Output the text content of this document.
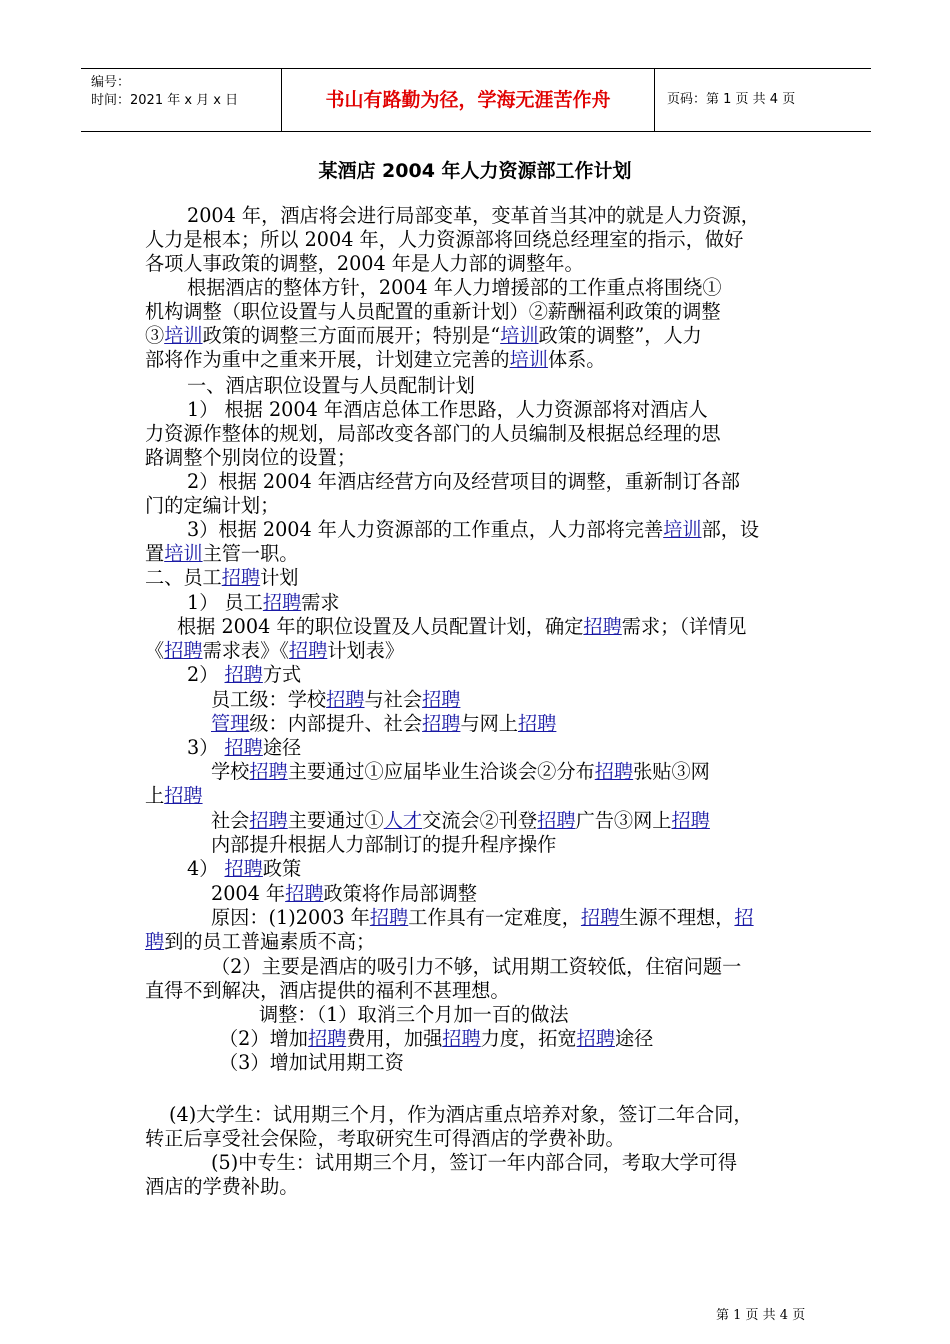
编号：
时间：2021 年 x 月 x 日	书山有路勤为径，学海无涯苦作舟	页码：第 1 页 共 4 页
某酒店 2004 年人力资源部工作计划
2004 年，酒店将会进行局部变革，变革首当其冲的就是人力资源，
人力是根本；所以 2004 年，人力资源部将回绕总经理室的指示，做好
各项人事政策的调整，2004 年是人力部的调整年。
根据酒店的整体方针，2004 年人力增援部的工作重点将围绕①
机构调整（职位设置与人员配置的重新计划）②薪酬福利政策的调整
③培训政策的调整三方面而展开；特别是“培训政策的调整”，人力
部将作为重中之重来开展，计划建立完善的培训体系。
一、酒店职位设置与人员配制计划
1） 根据 2004 年酒店总体工作思路，人力资源部将对酒店人
力资源作整体的规划，局部改变各部门的人员编制及根据总经理的思
路调整个别岗位的设置；
2）根据 2004 年酒店经营方向及经营项目的调整，重新制订各部
门的定编计划；
3）根据 2004 年人力资源部的工作重点，人力部将完善培训部，设
置培训主管一职。
二、员工招聘计划
1） 员工招聘需求
根据 2004 年的职位设置及人员配置计划，确定招聘需求；（详情见
《招聘需求表》《招聘计划表》
2） 招聘方式
员工级：学校招聘与社会招聘
管理级：内部提升、社会招聘与网上招聘
3） 招聘途径
学校招聘主要通过①应届毕业生洽谈会②分布招聘张贴③网
上招聘
社会招聘主要通过①人才交流会②刊登招聘广告③网上招聘
内部提升根据人力部制订的提升程序操作
4） 招聘政策
2004 年招聘政策将作局部调整
原因：(1)2003 年招聘工作具有一定难度，招聘生源不理想，招
聘到的员工普遍素质不高；
（2）主要是酒店的吸引力不够，试用期工资较低，住宿问题一
直得不到解决，酒店提供的福利不甚理想。
调整：（1）取消三个月加一百的做法
（2）增加招聘费用，加强招聘力度，拓宽招聘途径
（3）增加试用期工资
(4)大学生：试用期三个月，作为酒店重点培养对象，签订二年合同，
转正后享受社会保险，考取研究生可得酒店的学费补助。
(5)中专生：试用期三个月，签订一年内部合同，考取大学可得
酒店的学费补助。
第 1 页 共 4 页
